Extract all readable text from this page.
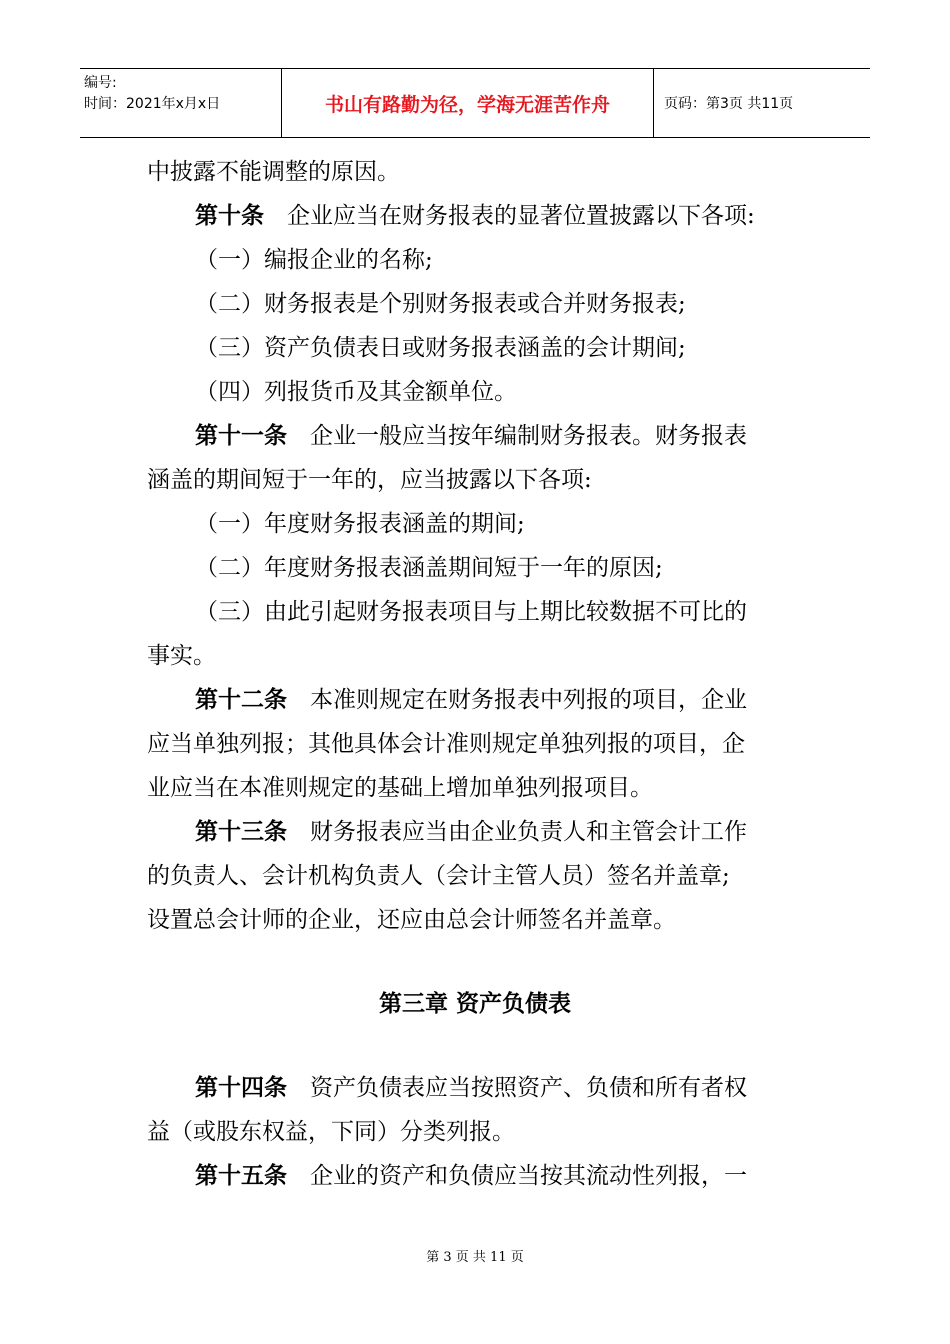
编号:
时间：2021年x月x日	书山有路勤为径，学海无涯苦作舟	页码：第3页 共11页

中披露不能调整的原因。

第十条  企业应当在财务报表的显著位置披露以下各项:

（一）编报企业的名称;

（二）财务报表是个别财务报表或合并财务报表;

（三）资产负债表日或财务报表涵盖的会计期间;

（四）列报货币及其金额单位。

第十一条  企业一般应当按年编制财务报表。财务报表

涵盖的期间短于一年的，应当披露以下各项:

（一）年度财务报表涵盖的期间;

（二）年度财务报表涵盖期间短于一年的原因;

（三）由此引起财务报表项目与上期比较数据不可比的

事实。

第十二条  本准则规定在财务报表中列报的项目，企业

应当单独列报；其他具体会计准则规定单独列报的项目，企

业应当在本准则规定的基础上增加单独列报项目。

第十三条  财务报表应当由企业负责人和主管会计工作

的负责人、会计机构负责人（会计主管人员）签名并盖章;

设置总会计师的企业，还应由总会计师签名并盖章。

第三章 资产负债表

第十四条  资产负债表应当按照资产、负债和所有者权

益（或股东权益，下同）分类列报。

第十五条  企业的资产和负债应当按其流动性列报，一

第 3 页 共 11 页
